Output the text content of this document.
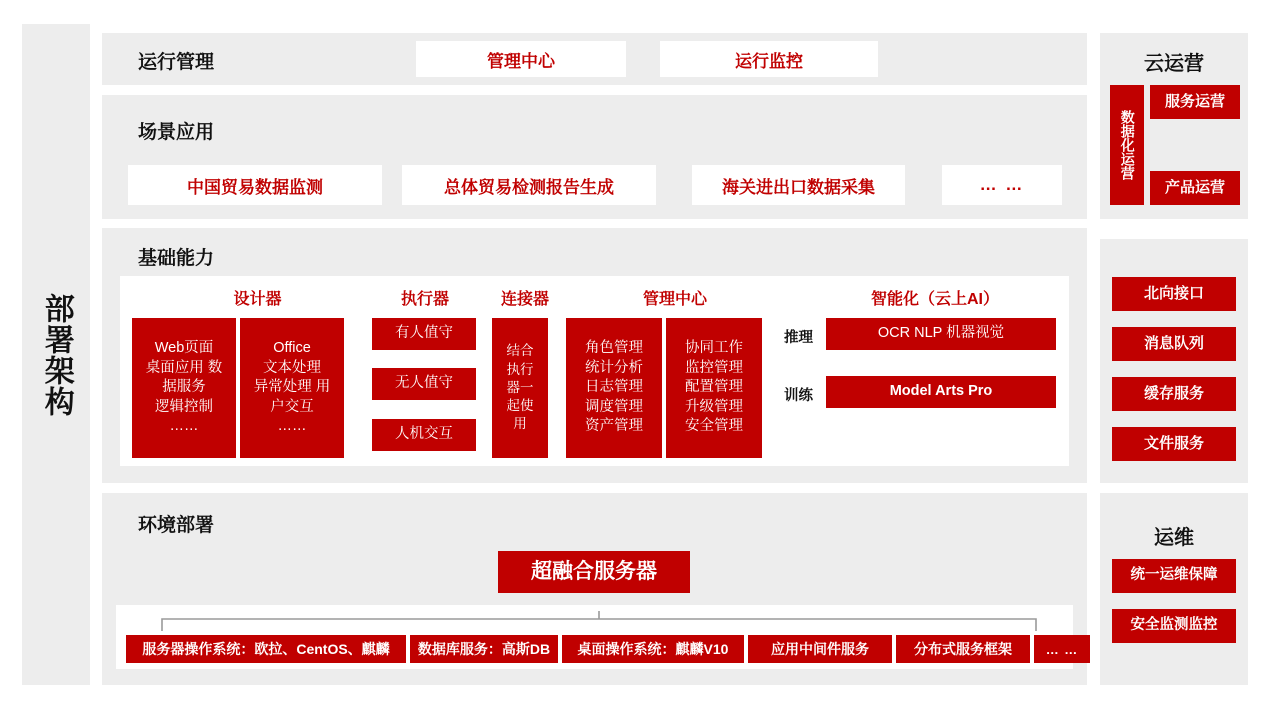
部署架构
运行管理	管理中心	运行监控
场景应用
中国贸易数据监测	总体贸易检测报告生成	海关进出口数据采集	… …
基础能力
设计器	执行器	连接器	管理中心	智能化（云上AI）
Web页面
桌面应用 数
据服务
逻辑控制
……
Office
文本处理
异常处理 用
户交互
……
有人值守
无人值守
人机交互
结合
执行
器一
起使
用
角色管理
统计分析
日志管理
调度管理
资产管理
协同工作
监控管理
配置管理
升级管理
安全管理
推理	OCR NLP 机器视觉
训练	Model Arts Pro
环境部署
超融合服务器
服务器操作系统：欧拉、CentOS、麒麟	数据库服务：高斯DB	桌面操作系统：麒麟V10	应用中间件服务	分布式服务框架	… …
云运营
数据化运营
服务运营
产品运营
北向接口
消息队列
缓存服务
文件服务
运维
统一运维保障
安全监测监控
